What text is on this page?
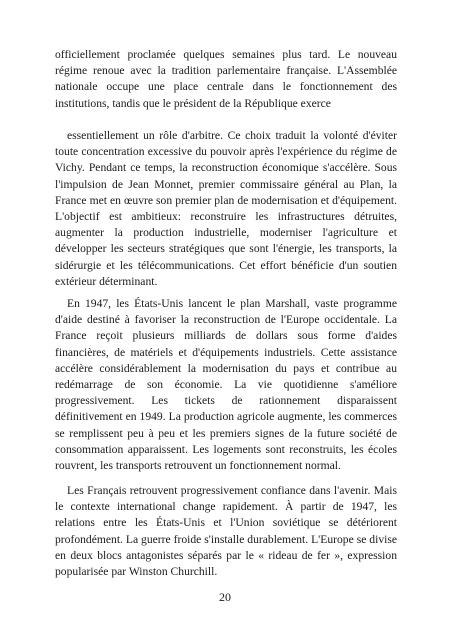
officiellement proclamée quelques semaines plus tard. Le nouveau régime renoue avec la tradition parlementaire française. L'Assemblée nationale occupe une place centrale dans le fonctionnement des institutions, tandis que le président de la République exerce

essentiellement un rôle d'arbitre. Ce choix traduit la volonté d'éviter toute concentration excessive du pouvoir après l'expérience du régime de Vichy. Pendant ce temps, la reconstruction économique s'accélère. Sous l'impulsion de Jean Monnet, premier commissaire général au Plan, la France met en œuvre son premier plan de modernisation et d'équipement. L'objectif est ambitieux: reconstruire les infrastructures détruites, augmenter la production industrielle, moderniser l'agriculture et développer les secteurs stratégiques que sont l'énergie, les transports, la sidérurgie et les télécommunications. Cet effort bénéficie d'un soutien extérieur déterminant.

En 1947, les États-Unis lancent le plan Marshall, vaste programme d'aide destiné à favoriser la reconstruction de l'Europe occidentale. La France reçoit plusieurs milliards de dollars sous forme d'aides financières, de matériels et d'équipements industriels. Cette assistance accélère considérablement la modernisation du pays et contribue au redémarrage de son économie. La vie quotidienne s'améliore progressivement. Les tickets de rationnement disparaissent définitivement en 1949. La production agricole augmente, les commerces se remplissent peu à peu et les premiers signes de la future société de consommation apparaissent. Les logements sont reconstruits, les écoles rouvrent, les transports retrouvent un fonctionnement normal.

Les Français retrouvent progressivement confiance dans l'avenir. Mais le contexte international change rapidement. À partir de 1947, les relations entre les États-Unis et l'Union soviétique se détériorent profondément. La guerre froide s'installe durablement. L'Europe se divise en deux blocs antagonistes séparés par le « rideau de fer », expression popularisée par Winston Churchill.

20
